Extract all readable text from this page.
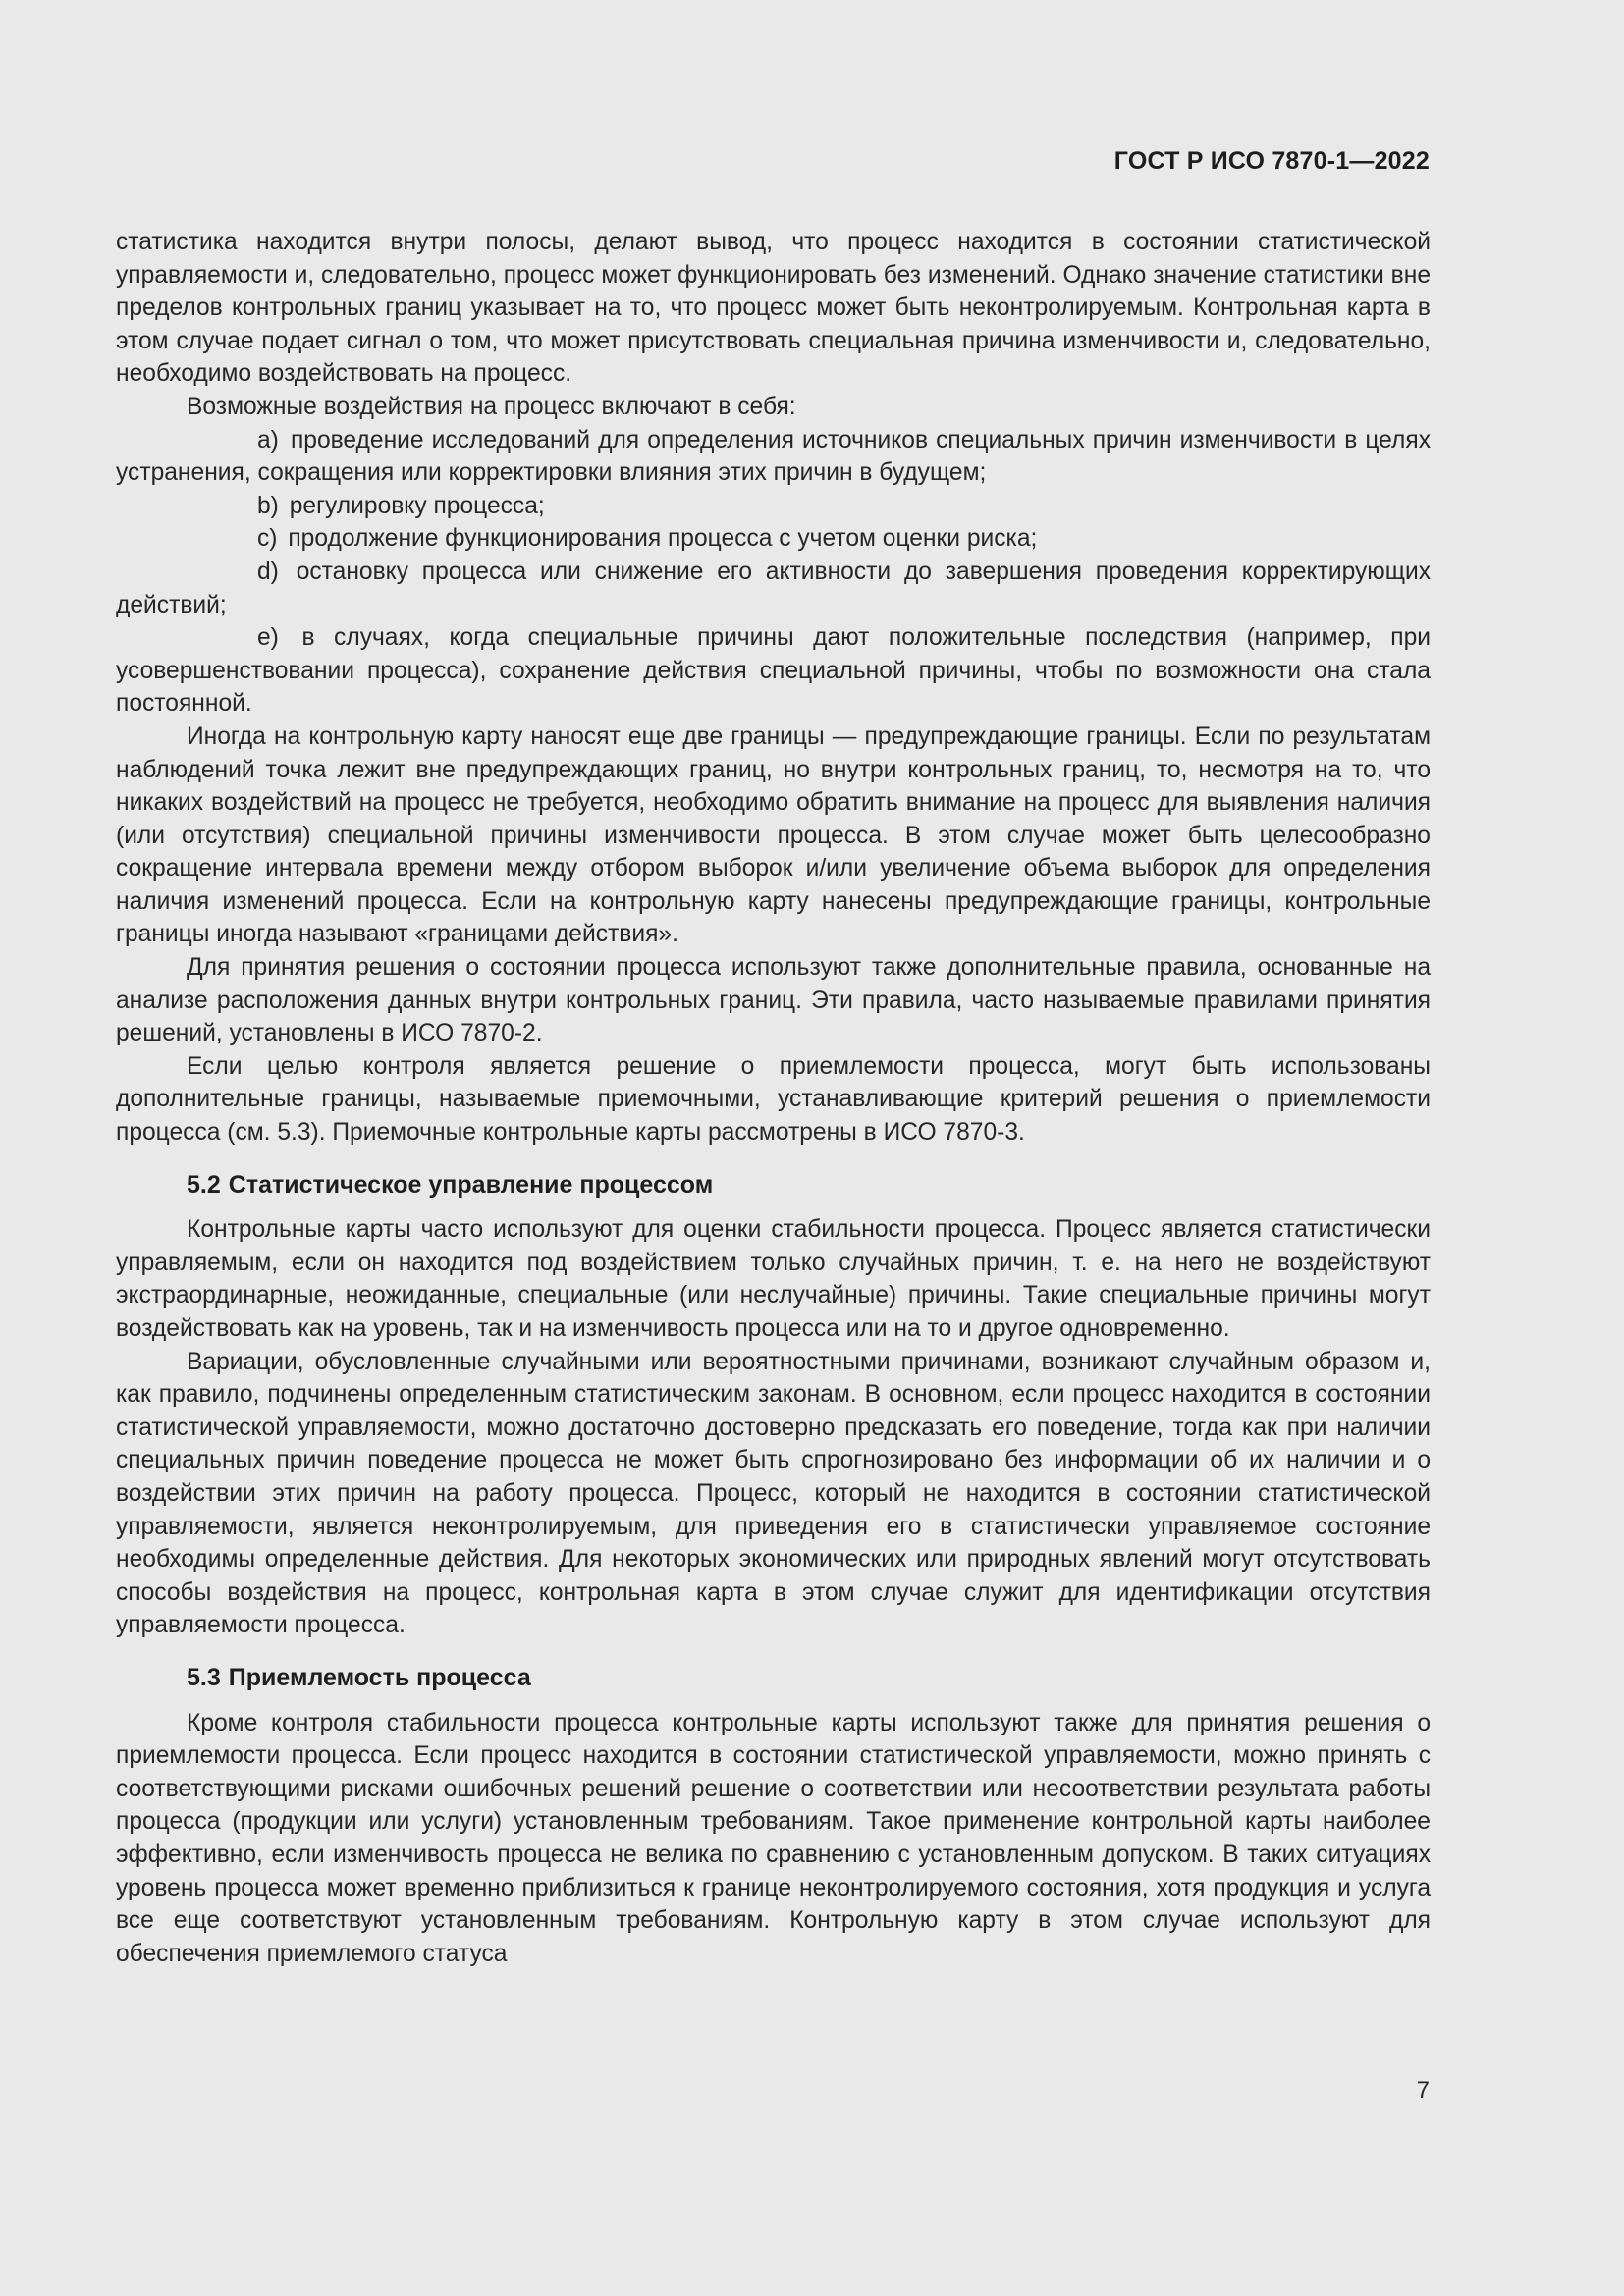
ГОСТ Р ИСО 7870-1—2022

статистика находится внутри полосы, делают вывод, что процесс находится в состоянии статистической управляемости и, следовательно, процесс может функционировать без изменений. Однако значение статистики вне пределов контрольных границ указывает на то, что процесс может быть неконтролируемым. Контрольная карта в этом случае подает сигнал о том, что может присутствовать специальная причина изменчивости и, следовательно, необходимо воздействовать на процесс.

Возможные воздействия на процесс включают в себя:

a) проведение исследований для определения источников специальных причин изменчивости в целях устранения, сокращения или корректировки влияния этих причин в будущем;

b) регулировку процесса;

c) продолжение функционирования процесса с учетом оценки риска;

d) остановку процесса или снижение его активности до завершения проведения корректирующих действий;

e) в случаях, когда специальные причины дают положительные последствия (например, при усовершенствовании процесса), сохранение действия специальной причины, чтобы по возможности она стала постоянной.

Иногда на контрольную карту наносят еще две границы — предупреждающие границы. Если по результатам наблюдений точка лежит вне предупреждающих границ, но внутри контрольных границ, то, несмотря на то, что никаких воздействий на процесс не требуется, необходимо обратить внимание на процесс для выявления наличия (или отсутствия) специальной причины изменчивости процесса. В этом случае может быть целесообразно сокращение интервала времени между отбором выборок и/или увеличение объема выборок для определения наличия изменений процесса. Если на контрольную карту нанесены предупреждающие границы, контрольные границы иногда называют «границами действия».

Для принятия решения о состоянии процесса используют также дополнительные правила, основанные на анализе расположения данных внутри контрольных границ. Эти правила, часто называемые правилами принятия решений, установлены в ИСО 7870-2.

Если целью контроля является решение о приемлемости процесса, могут быть использованы дополнительные границы, называемые приемочными, устанавливающие критерий решения о приемлемости процесса (см. 5.3). Приемочные контрольные карты рассмотрены в ИСО 7870-3.

5.2 Статистическое управление процессом

Контрольные карты часто используют для оценки стабильности процесса. Процесс является статистически управляемым, если он находится под воздействием только случайных причин, т. е. на него не воздействуют экстраординарные, неожиданные, специальные (или неслучайные) причины. Такие специальные причины могут воздействовать как на уровень, так и на изменчивость процесса или на то и другое одновременно.

Вариации, обусловленные случайными или вероятностными причинами, возникают случайным образом и, как правило, подчинены определенным статистическим законам. В основном, если процесс находится в состоянии статистической управляемости, можно достаточно достоверно предсказать его поведение, тогда как при наличии специальных причин поведение процесса не может быть спрогнозировано без информации об их наличии и о воздействии этих причин на работу процесса. Процесс, который не находится в состоянии статистической управляемости, является неконтролируемым, для приведения его в статистически управляемое состояние необходимы определенные действия. Для некоторых экономических или природных явлений могут отсутствовать способы воздействия на процесс, контрольная карта в этом случае служит для идентификации отсутствия управляемости процесса.

5.3 Приемлемость процесса

Кроме контроля стабильности процесса контрольные карты используют также для принятия решения о приемлемости процесса. Если процесс находится в состоянии статистической управляемости, можно принять с соответствующими рисками ошибочных решений решение о соответствии или несоответствии результата работы процесса (продукции или услуги) установленным требованиям. Такое применение контрольной карты наиболее эффективно, если изменчивость процесса не велика по сравнению с установленным допуском. В таких ситуациях уровень процесса может временно приблизиться к границе неконтролируемого состояния, хотя продукция и услуга все еще соответствуют установленным требованиям. Контрольную карту в этом случае используют для обеспечения приемлемого статуса

7
